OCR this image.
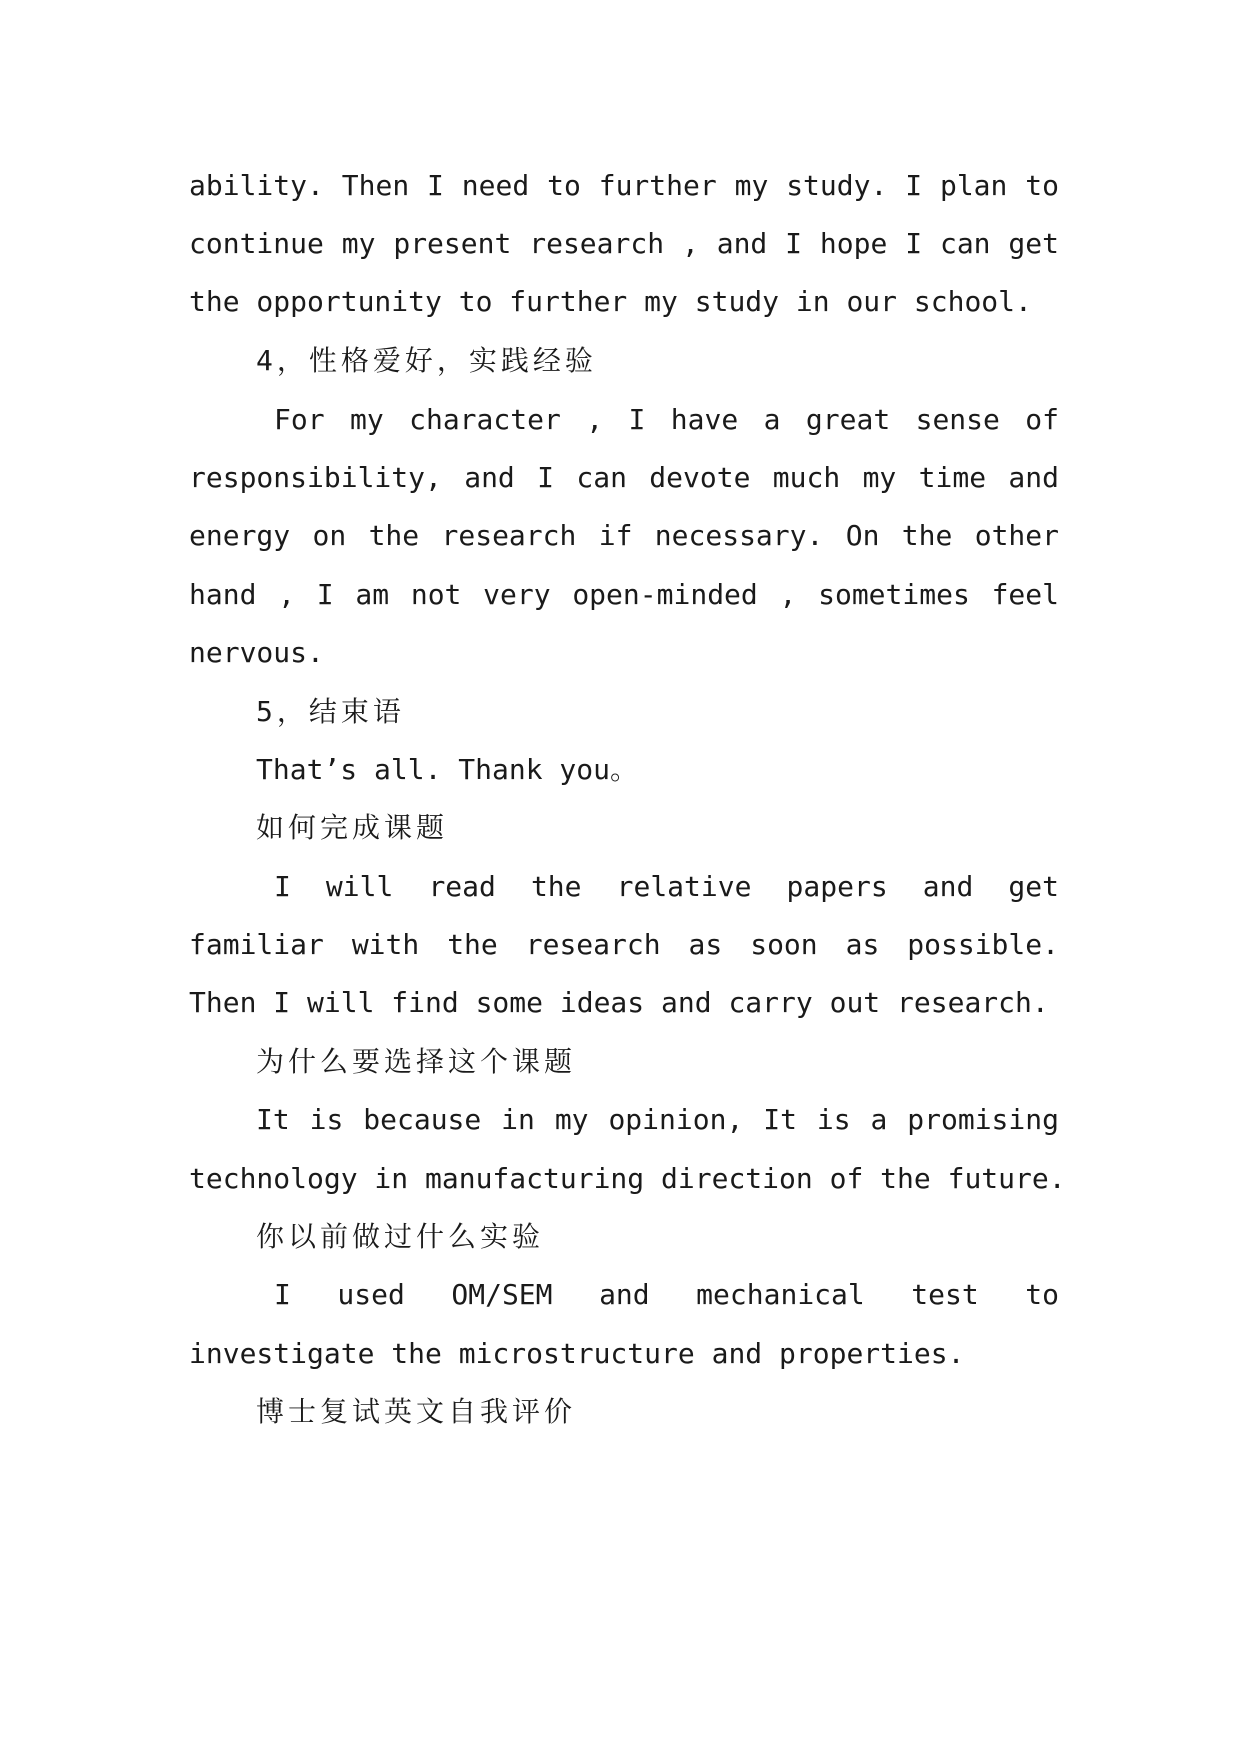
ability. Then I need to further my study. I plan to
continue my present research , and I hope I can get
the opportunity to further my study in our school.
4，性格爱好，实践经验
For my character , I have a great sense of
responsibility, and I can devote much my time and
energy on the research if necessary. On the other
hand , I am not very open-minded , sometimes feel
nervous.
5，结束语
That’s all. Thank you。
如何完成课题
I will read the relative papers and get
familiar with the research as soon as possible.
Then I will find some ideas and carry out research.
为什么要选择这个课题
It is because in my opinion, It is a promising
technology in manufacturing direction of the future.
你以前做过什么实验
I used OM/SEM and mechanical test to
investigate the microstructure and properties.
博士复试英文自我评价
